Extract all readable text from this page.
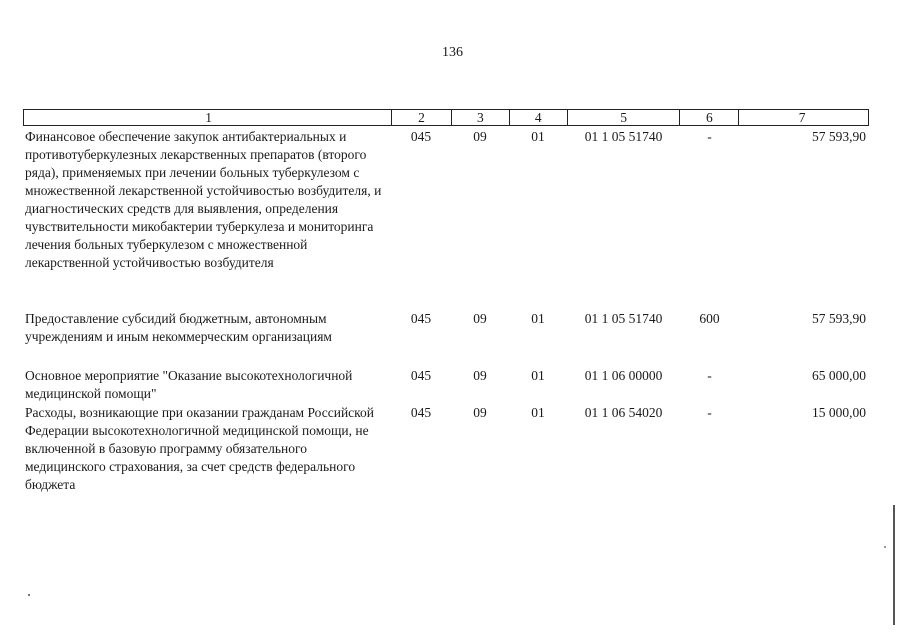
136
1	2	3	4	5	6	7
Финансовое обеспечение закупок антибактериальных и противотуберкулезных лекарственных препаратов (второго ряда), применяемых при лечении больных туберкулезом с множественной лекарственной устойчивостью возбудителя, и диагностических средств для выявления, определения чувствительности микобактерии туберкулеза и мониторинга лечения больных туберкулезом с множественной лекарственной устойчивостью возбудителя
045	09	01	01 1 05 51740	-	57 593,90
Предоставление субсидий бюджетным, автономным учреждениям и иным некоммерческим организациям
045	09	01	01 1 05 51740	600	57 593,90
Основное мероприятие "Оказание высокотехнологичной медицинской помощи"
045	09	01	01 1 06 00000	-	65 000,00
Расходы, возникающие при оказании гражданам Российской Федерации высокотехнологичной медицинской помощи, не включенной в базовую программу обязательного медицинского страхования, за счет средств федерального бюджета
045	09	01	01 1 06 54020	-	15 000,00
